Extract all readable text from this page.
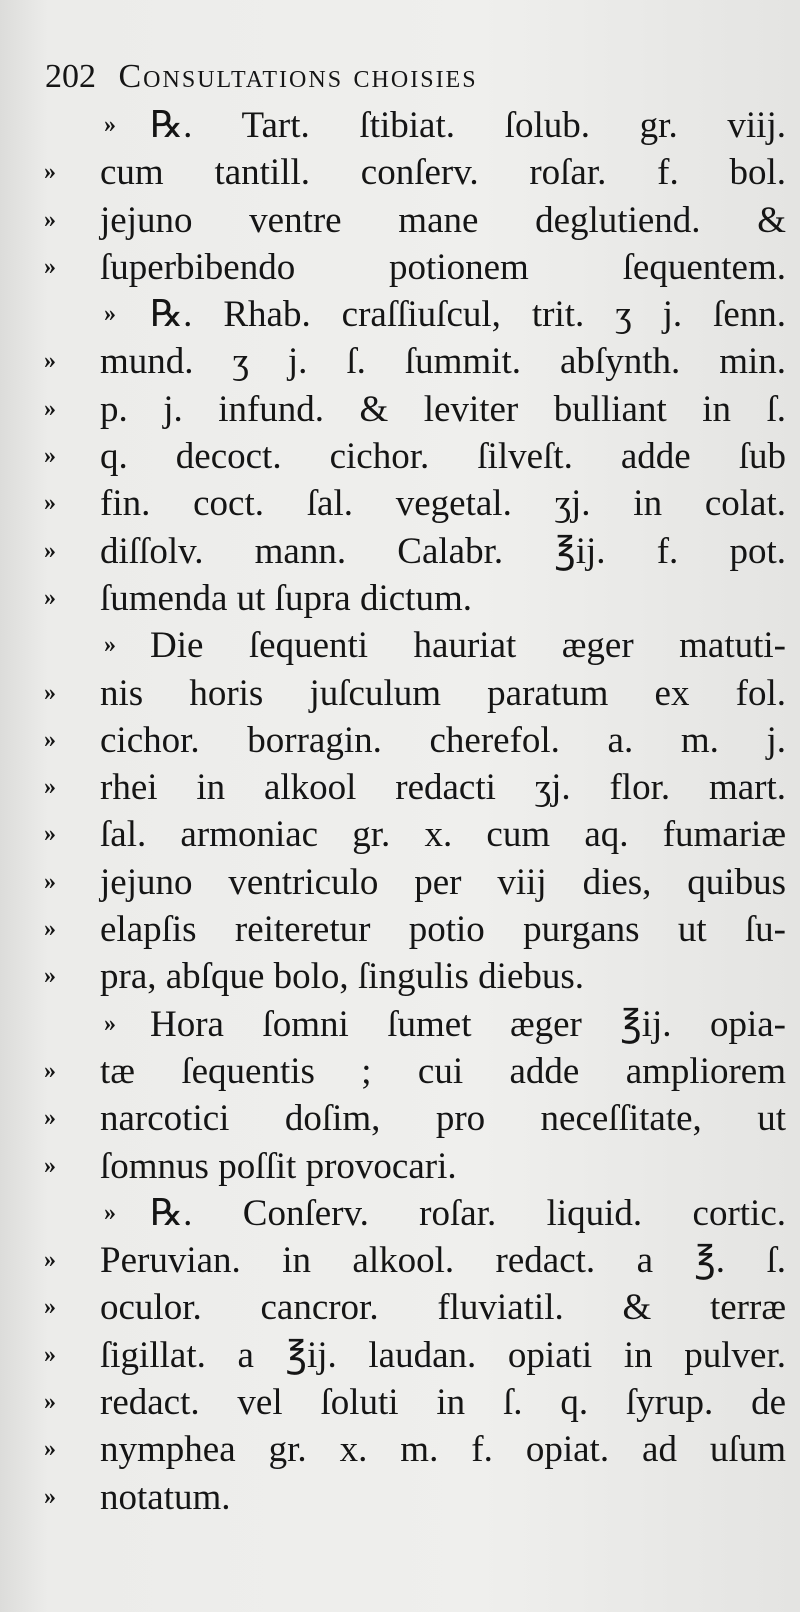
202 Consultations choisies
» ℞. Tart. ſtibiat. ſolub. gr. viij.
»	cum tantill. conſerv. roſar. f. bol.
»	jejuno ventre mane deglutiend. &
»	ſuperbibendo potionem ſequentem.
» ℞. Rhab. craſſiuſcul, trit. ʒ j. ſenn.
»	mund. ʒ j. ſ. ſummit. abſynth. min.
»	p. j. infund. & leviter bulliant in ſ.
»	q. decoct. cichor. ſilveſt. adde ſub
»	fin. coct. ſal. vegetal. ʒj. in colat.
»	diſſolv. mann. Calabr. ℥ij. f. pot.
»	ſumenda ut ſupra dictum.
» Die ſequenti hauriat æger matuti-
»	nis horis juſculum paratum ex fol.
»	cichor. borragin. cherefol. a. m. j.
»	rhei in alkool redacti ʒj. flor. mart.
»	ſal. armoniac gr. x. cum aq. fumariæ
»	jejuno ventriculo per viij dies, quibus
»	elapſis reiteretur potio purgans ut ſu-
»	pra, abſque bolo, ſingulis diebus.
» Hora ſomni ſumet æger ℥ij. opia-
»	tæ ſequentis ; cui adde ampliorem
»	narcotici doſim, pro neceſſitate, ut
»	ſomnus poſſit provocari.
» ℞. Conſerv. roſar. liquid. cortic.
»	Peruvian. in alkool. redact. a ℥. ſ.
»	oculor. cancror. fluviatil. & terræ
»	ſigillat. a ℥ij. laudan. opiati in pulver.
»	redact. vel ſoluti in ſ. q. ſyrup. de
»	nymphea gr. x. m. f. opiat. ad uſum
»	notatum.
